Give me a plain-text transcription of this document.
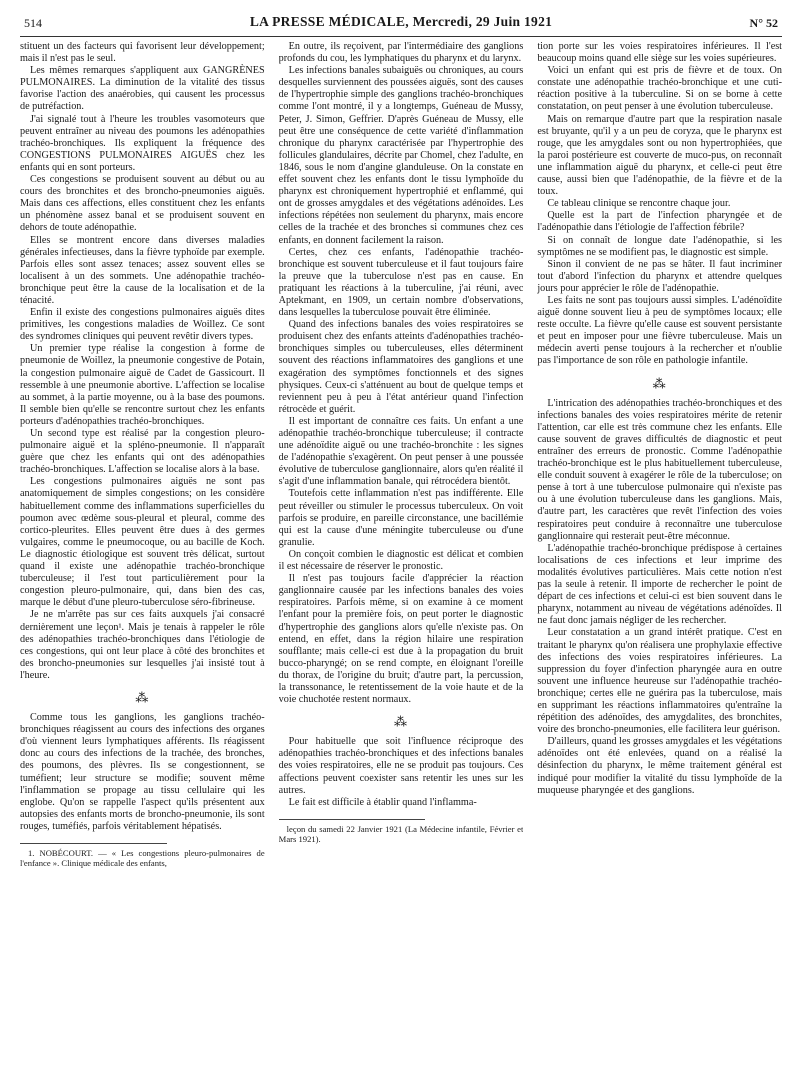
514	LA PRESSE MÉDICALE, Mercredi, 29 Juin 1921	N° 52

stituent un des facteurs qui favorisent leur développement; mais il n'est pas le seul.

Les mêmes remarques s'appliquent aux GANGRÈNES PULMONAIRES. La diminution de la vitalité des tissus favorise l'action des anaérobies, qui causent les processus de putréfaction.

J'ai signalé tout à l'heure les troubles vasomoteurs que peuvent entraîner au niveau des poumons les adénopathies trachéo-bronchiques. Ils expliquent la fréquence des CONGESTIONS PULMONAIRES AIGUËS chez les enfants qui en sont porteurs.

Ces congestions se produisent souvent au début ou au cours des bronchites et des broncho-pneumonies aiguës. Mais dans ces affections, elles constituent chez les enfants un phénomène assez banal et se produisent souvent en dehors de toute adénopathie.

Elles se montrent encore dans diverses maladies générales infectieuses, dans la fièvre typhoïde par exemple. Parfois elles sont assez tenaces; assez souvent elles se localisent à un des sommets. Une adénopathie trachéo-bronchique peut être la cause de la localisation et de la ténacité.

Enfin il existe des congestions pulmonaires aiguës dites primitives, les congestions maladies de Woillez. Ce sont des syndromes cliniques qui peuvent revêtir divers types.

Un premier type réalise la congestion à forme de pneumonie de Woillez, la pneumonie congestive de Potain, la congestion pulmonaire aiguë de Cadet de Gassicourt. Il ressemble à une pneumonie abortive. L'affection se localise au sommet, à la partie moyenne, ou à la base des poumons. Il semble bien qu'elle se rencontre surtout chez les enfants porteurs d'adénopathies trachéo-bronchiques.

Un second type est réalisé par la congestion pleuro-pulmonaire aiguë et la spléno-pneumonie. Il n'apparaît guère que chez les enfants qui ont des adénopathies trachéo-bronchiques. L'affection se localise alors à la base.

Les congestions pulmonaires aiguës ne sont pas anatomiquement de simples congestions; on les considère habituellement comme des inflammations superficielles du poumon avec œdème sous-pleural et pleural, comme des cortico-pleurites. Elles peuvent être dues à des germes vulgaires, comme le pneumocoque, ou au bacille de Koch. Le diagnostic étiologique est souvent très délicat, surtout quand il existe une adénopathie trachéo-bronchique tuberculeuse; il l'est tout particulièrement pour la congestion pleuro-pulmonaire, qui, dans bien des cas, marque le début d'une pleuro-tuberculose séro-fibrineuse.

Je ne m'arrête pas sur ces faits auxquels j'ai consacré dernièrement une leçon¹. Mais je tenais à rappeler le rôle des adénopathies trachéo-bronchiques dans l'étiologie de ces congestions, qui ont leur place à côté des bronchites et des broncho-pneumonies sur lesquelles j'ai insisté tout à l'heure.

⁂

Comme tous les ganglions, les ganglions trachéo-bronchiques réagissent au cours des infections des organes d'où viennent leurs lymphatiques afférents. Ils réagissent donc au cours des infections de la trachée, des bronches, des poumons, des plèvres. Ils se congestionnent, se tuméfient; leur structure se modifie; souvent même l'inflammation se propage au tissu cellulaire qui les englobe. Qu'on se rappelle l'aspect qu'ils présentent aux autopsies des enfants morts de broncho-pneumonie, ils sont rouges, tuméfiés, parfois véritablement hépatisés.

1. NOBÉCOURT. — « Les congestions pleuro-pulmonaires de l'enfance ». Clinique médicale des enfants,

En outre, ils reçoivent, par l'intermédiaire des ganglions profonds du cou, les lymphatiques du pharynx et du larynx.

Les infections banales subaiguës ou chroniques, au cours desquelles surviennent des poussées aiguës, sont des causes de l'hypertrophie simple des ganglions trachéo-bronchiques comme l'ont montré, il y a longtemps, Guéneau de Mussy, Peter, J. Simon, Geffrier. D'après Guéneau de Mussy, elle peut être une conséquence de cette variété d'inflammation chronique du pharynx caractérisée par l'hypertrophie des follicules glandulaires, décrite par Chomel, chez l'adulte, en 1846, sous le nom d'angine glanduleuse. On la constate en effet souvent chez les enfants dont le tissu lymphoïde du pharynx est chroniquement hypertrophié et enflammé, qui ont de grosses amygdales et des végétations adénoïdes. Les infections répétées non seulement du pharynx, mais encore celles de la trachée et des bronches si communes chez ces enfants, en donnent facilement la raison.

Certes, chez ces enfants, l'adénopathie trachéo-bronchique est souvent tuberculeuse et il faut toujours faire la preuve que la tuberculose n'est pas en cause. En pratiquant les réactions à la tuberculine, j'ai réuni, avec Aptekmant, en 1909, un certain nombre d'observations, dans lesquelles la tuberculose pouvait être éliminée.

Quand des infections banales des voies respiratoires se produisent chez des enfants atteints d'adénopathies trachéo-bronchiques simples ou tuberculeuses, elles déterminent souvent des réactions inflammatoires des ganglions et une exagération des symptômes fonctionnels et des signes physiques. Ceux-ci s'atténuent au bout de quelque temps et reviennent peu à peu à l'état antérieur quand l'infection rétrocède et guérit.

Il est important de connaître ces faits. Un enfant a une adénopathie trachéo-bronchique tuberculeuse; il contracte une adénoïdite aiguë ou une trachéo-bronchite : les signes de l'adénopathie s'exagèrent. On peut penser à une poussée évolutive de tuberculose ganglionnaire, alors qu'en réalité il s'agit d'une inflammation banale, qui rétrocédera bientôt.

Toutefois cette inflammation n'est pas indifférente. Elle peut réveiller ou stimuler le processus tuberculeux. On voit parfois se produire, en pareille circonstance, une bacillémie qui est la cause d'une méningite tuberculeuse ou d'une granulie.

On conçoit combien le diagnostic est délicat et combien il est nécessaire de réserver le pronostic.

Il n'est pas toujours facile d'apprécier la réaction ganglionnaire causée par les infections banales des voies respiratoires. Parfois même, si on examine à ce moment l'enfant pour la première fois, on peut porter le diagnostic d'hypertrophie des ganglions alors qu'elle n'existe pas. On entend, en effet, dans la région hilaire une respiration soufflante; mais celle-ci est due à la propagation du bruit bucco-pharyngé; on se rend compte, en éloignant l'oreille du thorax, de l'origine du bruit; d'autre part, la percussion, la transsonance, le retentissement de la voie haute et de la voie chuchotée restent normaux.

⁂

Pour habituelle que soit l'influence réciproque des adénopathies trachéo-bronchiques et des infections banales des voies respiratoires, elle ne se produit pas toujours. Ces affections peuvent coexister sans retentir les unes sur les autres.

Le fait est difficile à établir quand l'inflamma-

leçon du samedi 22 Janvier 1921 (La Médecine infantile, Février et Mars 1921).

tion porte sur les voies respiratoires inférieures. Il l'est beaucoup moins quand elle siège sur les voies supérieures.

Voici un enfant qui est pris de fièvre et de toux. On constate une adénopathie trachéo-bronchique et une cuti-réaction positive à la tuberculine. Si on se borne à cette constatation, on peut penser à une évolution tuberculeuse.

Mais on remarque d'autre part que la respiration nasale est bruyante, qu'il y a un peu de coryza, que le pharynx est rouge, que les amygdales sont ou non hypertrophiées, que la paroi postérieure est couverte de muco-pus, on reconnaît une inflammation aiguë du pharynx, et celle-ci peut être cause, aussi bien que l'adénopathie, de la fièvre et de la toux.

Ce tableau clinique se rencontre chaque jour.

Quelle est la part de l'infection pharyngée et de l'adénopathie dans l'étiologie de l'affection fébrile?

Si on connaît de longue date l'adénopathie, si les symptômes ne se modifient pas, le diagnostic est simple.

Sinon il convient de ne pas se hâter. Il faut incriminer tout d'abord l'infection du pharynx et attendre quelques jours pour apprécier le rôle de l'adénopathie.

Les faits ne sont pas toujours aussi simples. L'adénoïdite aiguë donne souvent lieu à peu de symptômes locaux; elle reste occulte. La fièvre qu'elle cause est souvent persistante et peut en imposer pour une fièvre tuberculeuse. Mais un médecin averti pense toujours à la rechercher et n'oublie pas l'importance de son rôle en pathologie infantile.

⁂

L'intrication des adénopathies trachéo-bronchiques et des infections banales des voies respiratoires mérite de retenir l'attention, car elle est très commune chez les enfants. Elle cause souvent de graves difficultés de diagnostic et peut entraîner des erreurs de pronostic. Comme l'adénopathie trachéo-bronchique est le plus habituellement tuberculeuse, elle conduit souvent à exagérer le rôle de la tuberculose; on pense à tort à une tuberculose pulmonaire qui n'existe pas ou à une évolution tuberculeuse dans les ganglions. Mais, d'autre part, les caractères que revêt l'infection des voies respiratoires peut conduire à reconnaître une tuberculose ganglionnaire qui resterait peut-être méconnue.

L'adénopathie trachéo-bronchique prédispose à certaines localisations de ces infections et leur imprime des modalités évolutives particulières. Mais cette notion n'est pas la seule à retenir. Il importe de rechercher le point de départ de ces infections et celui-ci est bien souvent dans le pharynx, notamment au niveau de végétations adénoïdes. Il ne faut donc jamais négliger de les rechercher.

Leur constatation a un grand intérêt pratique. C'est en traitant le pharynx qu'on réalisera une prophylaxie effective des infections des voies respiratoires inférieures. La suppression du foyer d'infection pharyngée aura en outre souvent une influence heureuse sur l'adénopathie trachéo-bronchique; certes elle ne guérira pas la tuberculose, mais en supprimant les réactions inflammatoires qu'entraîne la répétition des adénoïdes, des amygdalites, des bronchites, voire des broncho-pneumonies, elle facilitera leur guérison.

D'ailleurs, quand les grosses amygdales et les végétations adénoïdes ont été enlevées, quand on a réalisé la désinfection du pharynx, le même traitement général est indiqué pour modifier la vitalité du tissu lymphoïde de la muqueuse pharyngée et des ganglions.
